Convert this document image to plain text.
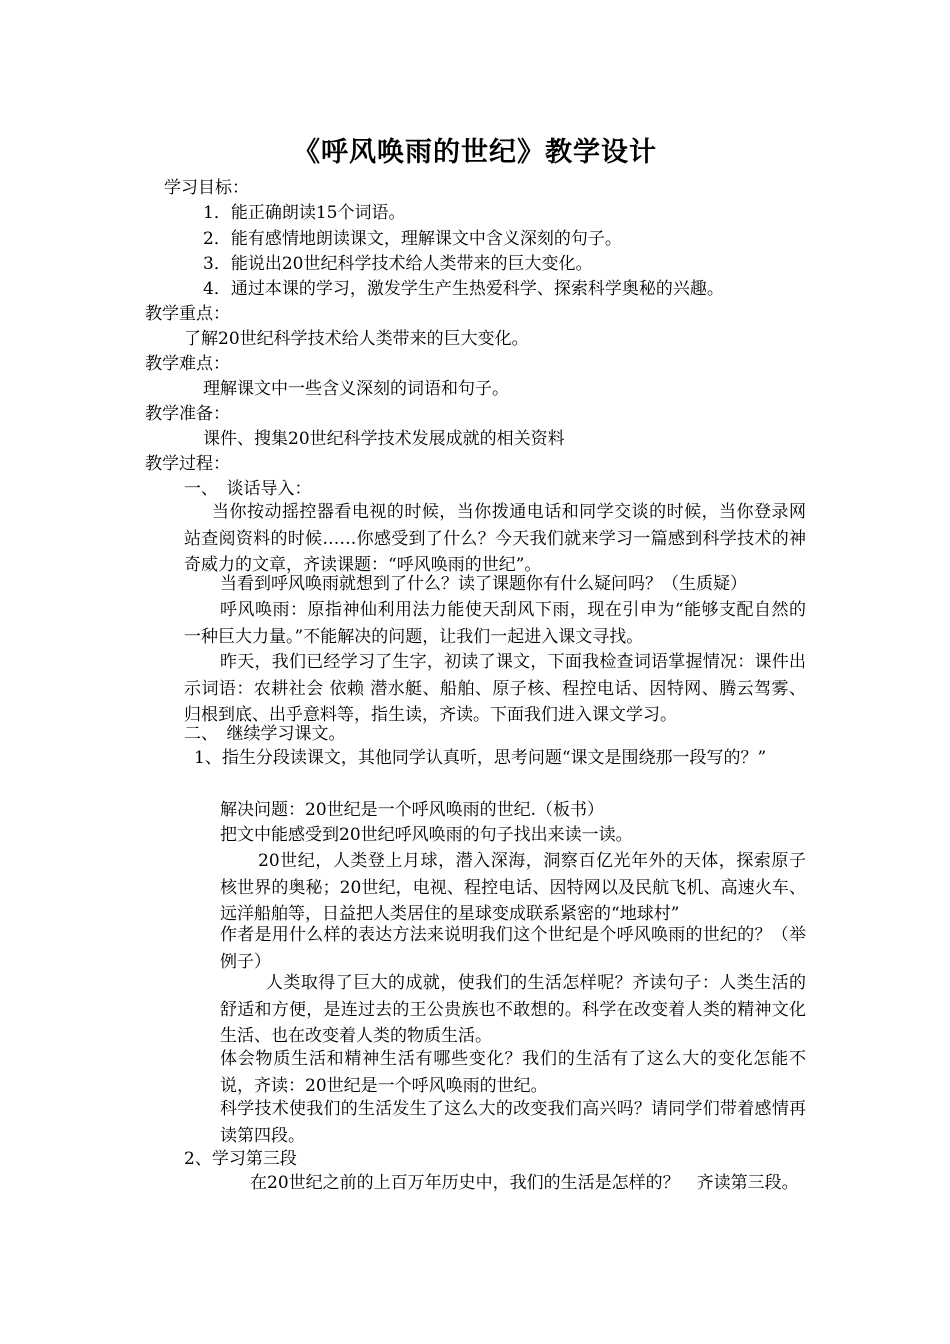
《呼风唤雨的世纪》教学设计
学习目标：
1．能正确朗读15个词语。
2．能有感情地朗读课文，理解课文中含义深刻的句子。
3．能说出20世纪科学技术给人类带来的巨大变化。
4．通过本课的学习，激发学生产生热爱科学、探索科学奥秘的兴趣。
教学重点：
了解20世纪科学技术给人类带来的巨大变化。
教学难点：
理解课文中一些含义深刻的词语和句子。
教学准备：
课件、搜集20世纪科学技术发展成就的相关资料
教学过程：
一、　谈话导入：
当你按动摇控器看电视的时候，当你拨通电话和同学交谈的时候，当你登录网站查阅资料的时候……你感受到了什么？今天我们就来学习一篇感到科学技术的神奇威力的文章，齐读课题：“呼风唤雨的世纪”。
当看到呼风唤雨就想到了什么？读了课题你有什么疑问吗？（生质疑）
呼风唤雨：原指神仙利用法力能使天刮风下雨，现在引申为“能够支配自然的一种巨大力量。”不能解决的问题，让我们一起进入课文寻找。
昨天，我们已经学习了生字，初读了课文，下面我检查词语掌握情况：课件出示词语：农耕社会 依赖 潜水艇、船舶、原子核、程控电话、因特网、腾云驾雾、归根到底、出乎意料等，指生读，齐读。下面我们进入课文学习。
二、　继续学习课文。
1、指生分段读课文，其他同学认真听，思考问题“课文是围绕那一段写的？”
解决问题：20世纪是一个呼风唤雨的世纪.（板书）
把文中能感受到20世纪呼风唤雨的句子找出来读一读。
20世纪，人类登上月球，潜入深海，洞察百亿光年外的天体，探索原子核世界的奥秘；20世纪，电视、程控电话、因特网以及民航飞机、高速火车、远洋船舶等，日益把人类居住的星球变成联系紧密的“地球村”
作者是用什么样的表达方法来说明我们这个世纪是个呼风唤雨的世纪的？（举例子）
人类取得了巨大的成就，使我们的生活怎样呢？齐读句子：人类生活的舒适和方便，是连过去的王公贵族也不敢想的。科学在改变着人类的精神文化生活、也在改变着人类的物质生活。
体会物质生活和精神生活有哪些变化？我们的生活有了这么大的变化怎能不说，齐读：20世纪是一个呼风唤雨的世纪。
科学技术使我们的生活发生了这么大的改变我们高兴吗？请同学们带着感情再读第四段。
2、学习第三段
在20世纪之前的上百万年历史中，我们的生活是怎样的？　齐读第三段。
